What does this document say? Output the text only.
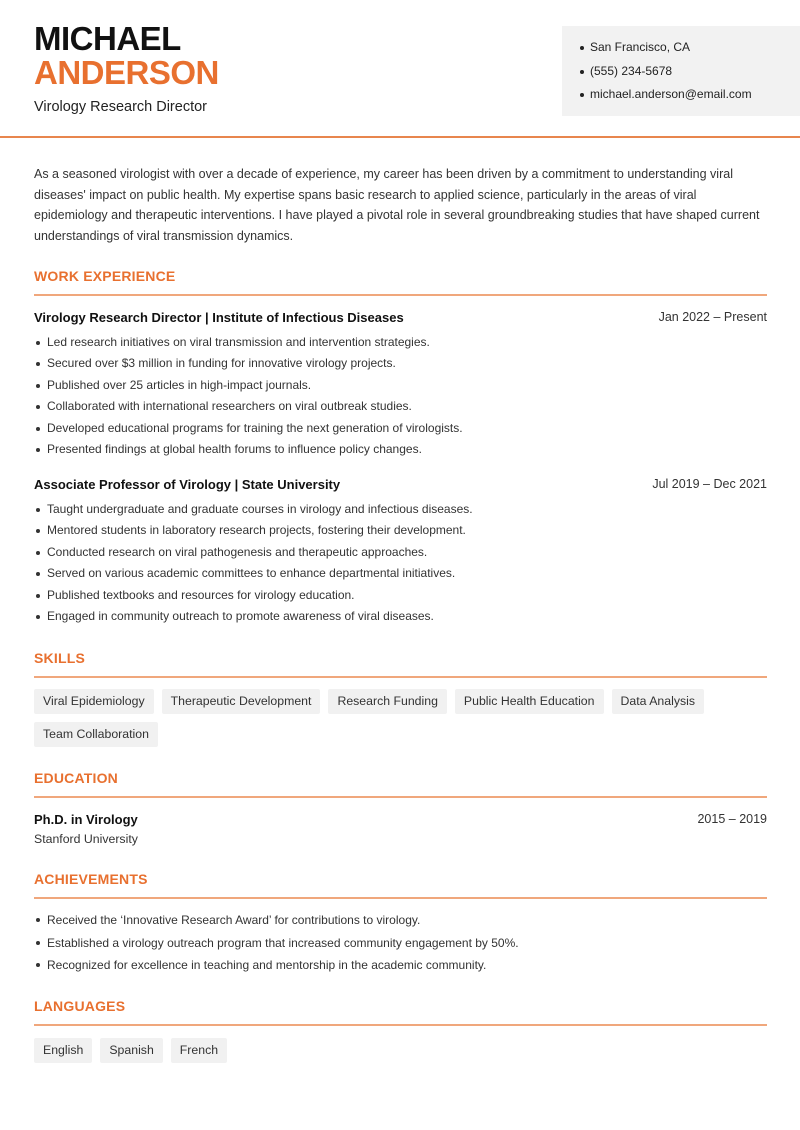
MICHAEL
ANDERSON
Virology Research Director
San Francisco, CA
(555) 234-5678
michael.anderson@email.com

As a seasoned virologist with over a decade of experience, my career has been driven by a commitment to understanding viral diseases' impact on public health. My expertise spans basic research to applied science, particularly in the areas of viral epidemiology and therapeutic interventions. I have played a pivotal role in several groundbreaking studies that have shaped current understandings of viral transmission dynamics.

WORK EXPERIENCE
Virology Research Director | Institute of Infectious Diseases	Jan 2022 – Present
Led research initiatives on viral transmission and intervention strategies.
Secured over $3 million in funding for innovative virology projects.
Published over 25 articles in high-impact journals.
Collaborated with international researchers on viral outbreak studies.
Developed educational programs for training the next generation of virologists.
Presented findings at global health forums to influence policy changes.
Associate Professor of Virology | State University	Jul 2019 – Dec 2021
Taught undergraduate and graduate courses in virology and infectious diseases.
Mentored students in laboratory research projects, fostering their development.
Conducted research on viral pathogenesis and therapeutic approaches.
Served on various academic committees to enhance departmental initiatives.
Published textbooks and resources for virology education.
Engaged in community outreach to promote awareness of viral diseases.
SKILLS
Viral Epidemiology	Therapeutic Development	Research Funding	Public Health Education	Data Analysis
Team Collaboration
EDUCATION
Ph.D. in Virology
Stanford University
2015 – 2019
ACHIEVEMENTS
Received the ‘Innovative Research Award’ for contributions to virology.
Established a virology outreach program that increased community engagement by 50%.
Recognized for excellence in teaching and mentorship in the academic community.
LANGUAGES
English	Spanish	French
